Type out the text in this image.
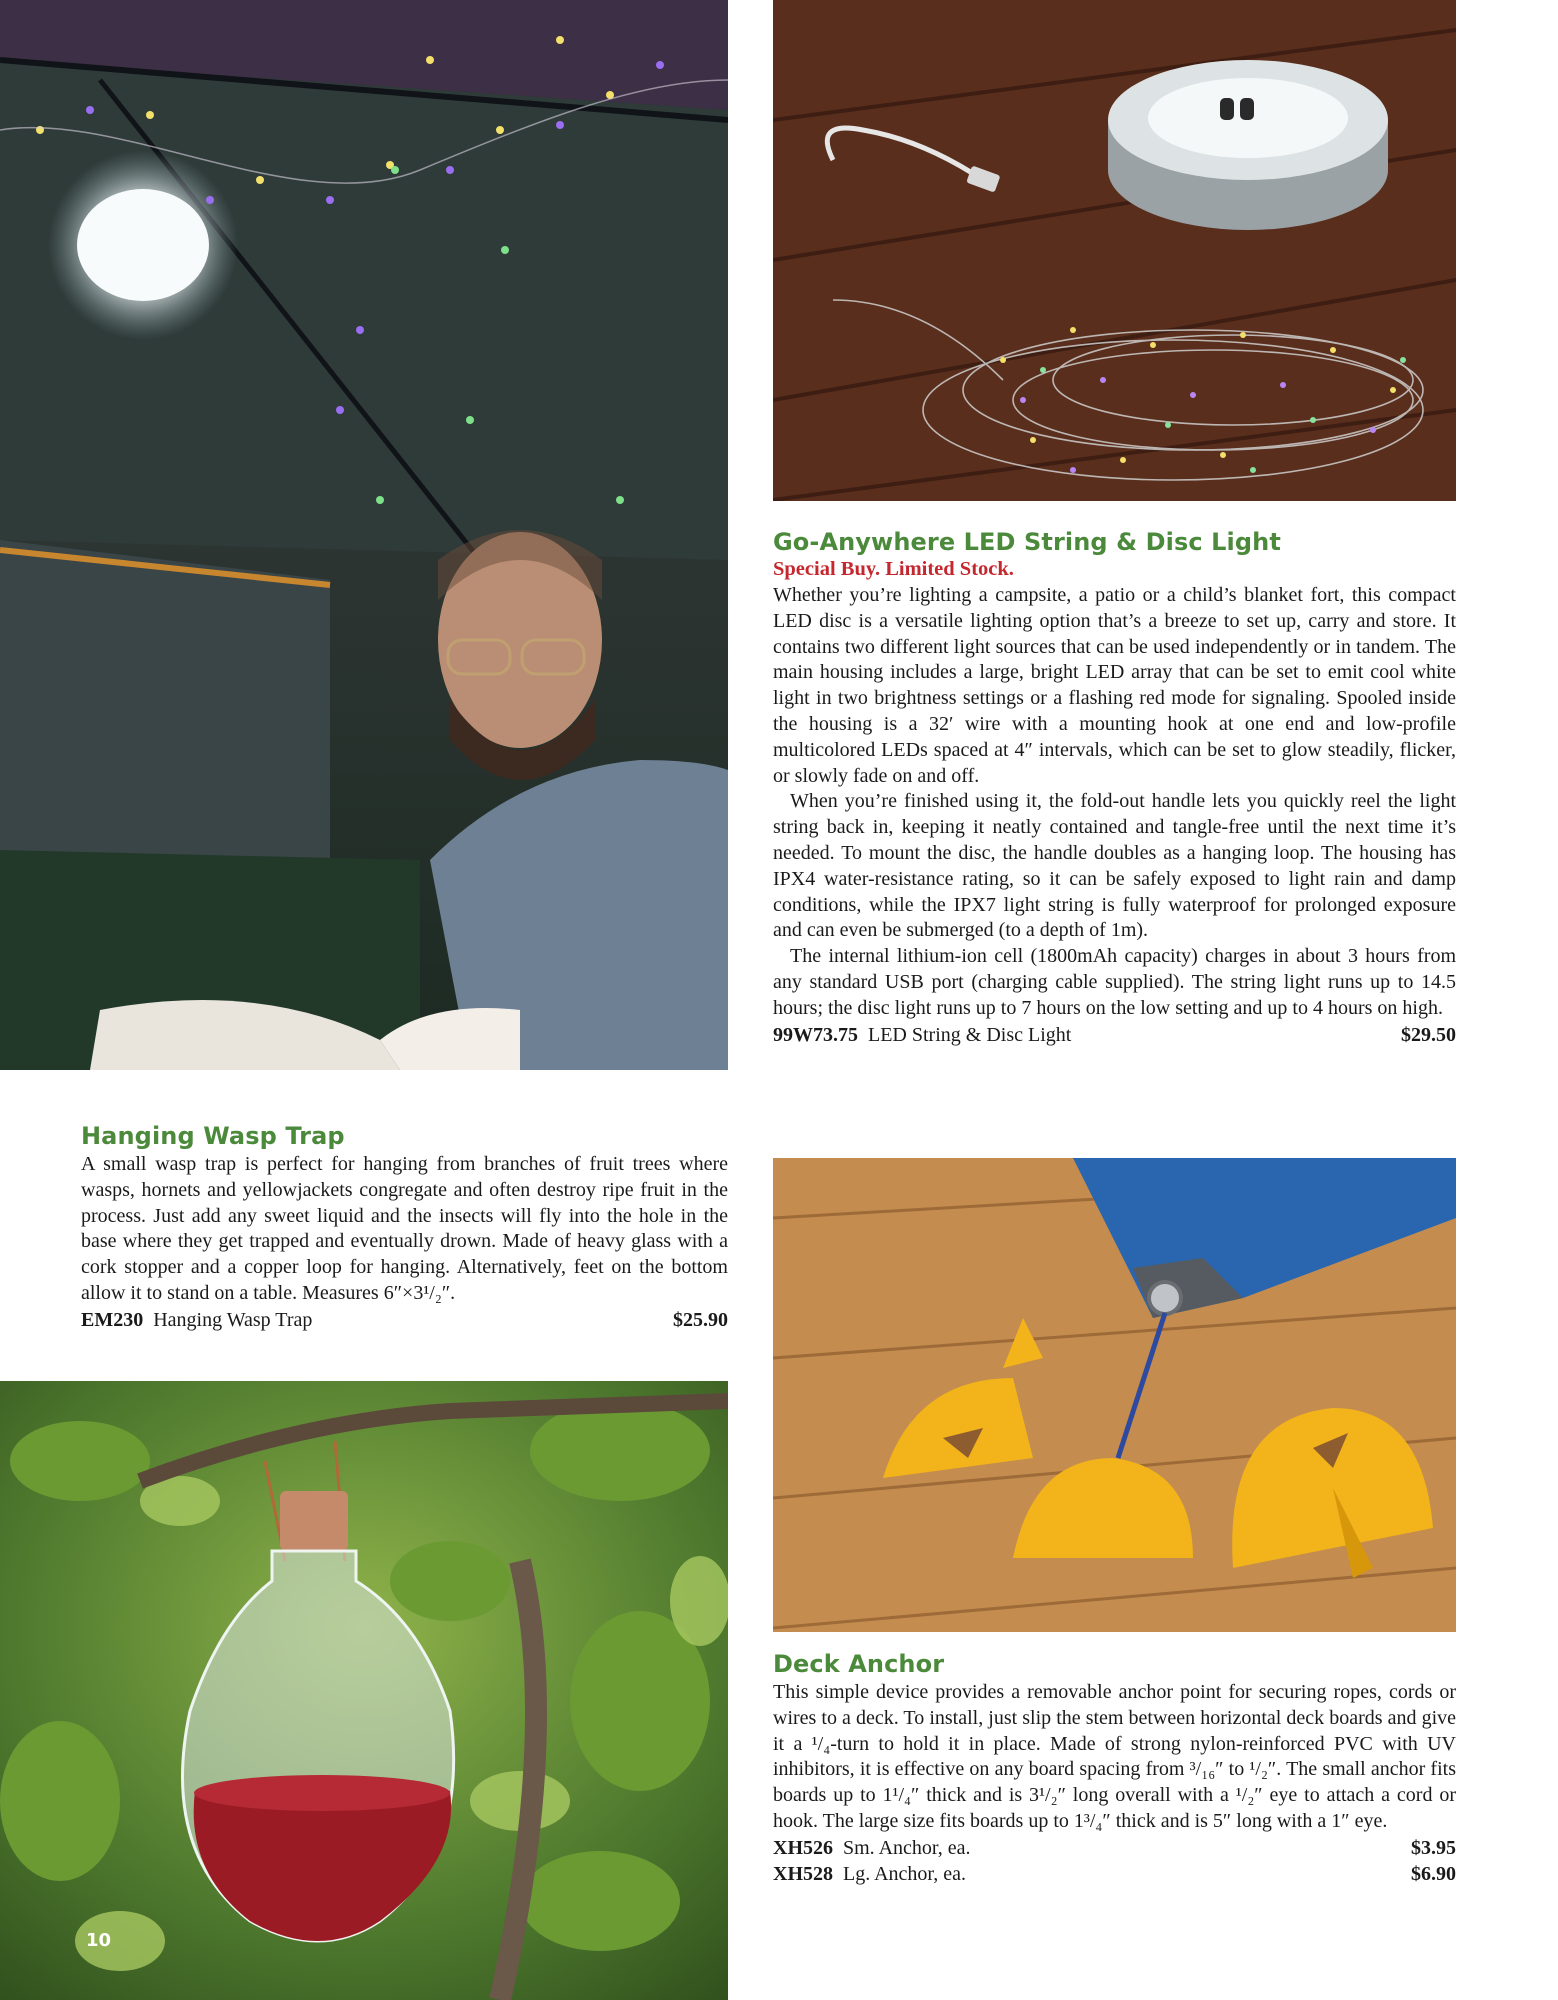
Go-Anywhere LED String & Disc Light
Special Buy. Limited Stock.

Whether you’re lighting a campsite, a patio or a child’s blanket fort, this compact LED disc is a versatile lighting option that’s a breeze to set up, carry and store. It contains two different light sources that can be used independently or in tandem. The main housing includes a large, bright LED array that can be set to emit cool white light in two brightness settings or a flashing red mode for signaling. Spooled inside the housing is a 32′ wire with a mounting hook at one end and low-profile multicolored LEDs spaced at 4″ intervals, which can be set to glow steadily, flicker, or slowly fade on and off.

When you’re finished using it, the fold-out handle lets you quickly reel the light string back in, keeping it neatly contained and tangle-free until the next time it’s needed. To mount the disc, the handle doubles as a hanging loop. The housing has IPX4 water-resistance rating, so it can be safely exposed to light rain and damp conditions, while the IPX7 light string is fully waterproof for prolonged exposure and can even be submerged (to a depth of 1m).

The internal lithium-ion cell (1800mAh capacity) charges in about 3 hours from any standard USB port (charging cable supplied). The string light runs up to 14.5 hours; the disc light runs up to 7 hours on the low setting and up to 4 hours on high.

99W73.75 LED String & Disc Light	$29.50
Hanging Wasp Trap

A small wasp trap is perfect for hanging from branches of fruit trees where wasps, hornets and yellowjackets congregate and often destroy ripe fruit in the process. Just add any sweet liquid and the insects will fly into the hole in the base where they get trapped and eventually drown. Made of heavy glass with a cork stopper and a copper loop for hanging. Alternatively, feet on the bottom allow it to stand on a table. Measures 6″×3¹/₂″.

EM230 Hanging Wasp Trap	$25.90
Deck Anchor

This simple device provides a removable anchor point for securing ropes, cords or wires to a deck. To install, just slip the stem between horizontal deck boards and give it a ¹/₄-turn to hold it in place. Made of strong nylon-reinforced PVC with UV inhibitors, it is effective on any board spacing from ³/₁₆″ to ¹/₂″. The small anchor fits boards up to 1¹/₄″ thick and is 3¹/₂″ long overall with a ¹/₂″ eye to attach a cord or hook. The large size fits boards up to 1³/₄″ thick and is 5″ long with a 1″ eye.

XH526 Sm. Anchor, ea.	$3.95
XH528 Lg. Anchor, ea.	$6.90
10
